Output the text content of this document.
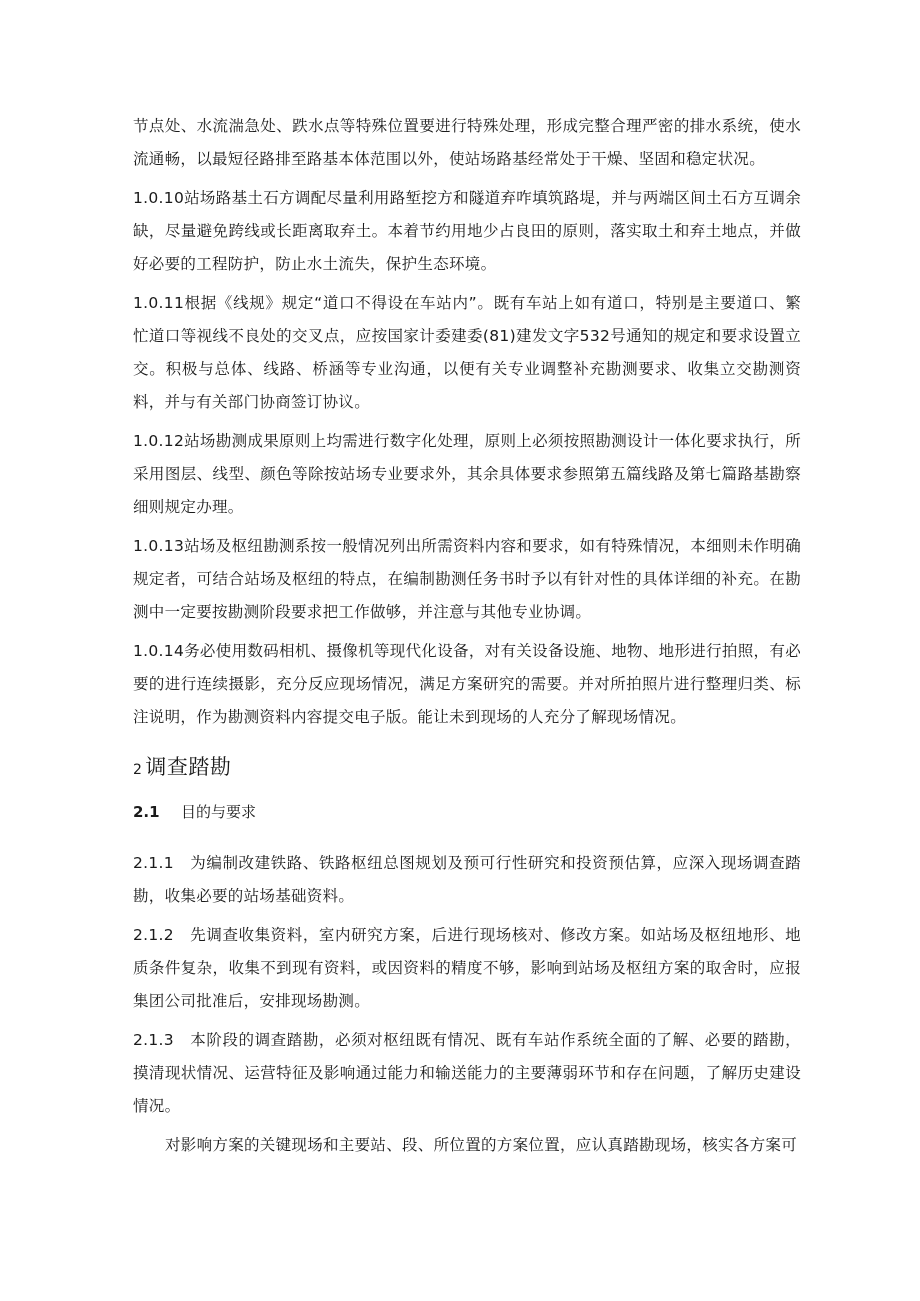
节点处、水流湍急处、跌水点等特殊位置要进行特殊处理，形成完整合理严密的排水系统，使水流通畅，以最短径路排至路基本体范围以外，使站场路基经常处于干燥、坚固和稳定状况。

1.0.10站场路基土石方调配尽量利用路堑挖方和隧道弃咋填筑路堤，并与两端区间土石方互调余缺，尽量避免跨线或长距离取弃土。本着节约用地少占良田的原则，落实取土和弃土地点，并做好必要的工程防护，防止水土流失，保护生态环境。

1.0.11根据《线规》规定“道口不得设在车站内”。既有车站上如有道口，特别是主要道口、繁忙道口等视线不良处的交叉点，应按国家计委建委(81)建发文字532号通知的规定和要求设置立交。积极与总体、线路、桥涵等专业沟通，以便有关专业调整补充勘测要求、收集立交勘测资料，并与有关部门协商签订协议。

1.0.12站场勘测成果原则上均需进行数字化处理，原则上必须按照勘测设计一体化要求执行，所采用图层、线型、颜色等除按站场专业要求外，其余具体要求参照第五篇线路及第七篇路基勘察细则规定办理。

1.0.13站场及枢纽勘测系按一般情况列出所需资料内容和要求，如有特殊情况，本细则未作明确规定者，可结合站场及枢纽的特点，在编制勘测任务书时予以有针对性的具体详细的补充。在勘测中一定要按勘测阶段要求把工作做够，并注意与其他专业协调。

1.0.14务必使用数码相机、摄像机等现代化设备，对有关设备设施、地物、地形进行拍照，有必要的进行连续摄影，充分反应现场情况，满足方案研究的需要。并对所拍照片进行整理归类、标注说明，作为勘测资料内容提交电子版。能让未到现场的人充分了解现场情况。

2 调查踏勘
2.1 目的与要求

2.1.1　为编制改建铁路、铁路枢纽总图规划及预可行性研究和投资预估算，应深入现场调查踏勘，收集必要的站场基础资料。

2.1.2　先调查收集资料，室内研究方案，后进行现场核对、修改方案。如站场及枢纽地形、地质条件复杂，收集不到现有资料，或因资料的精度不够，影响到站场及枢纽方案的取舍时，应报集团公司批准后，安排现场勘测。

2.1.3　本阶段的调查踏勘，必须对枢纽既有情况、既有车站作系统全面的了解、必要的踏勘，摸清现状情况、运营特征及影响通过能力和输送能力的主要薄弱环节和存在问题，了解历史建设情况。

对影响方案的关键现场和主要站、段、所位置的方案位置，应认真踏勘现场，核实各方案可
